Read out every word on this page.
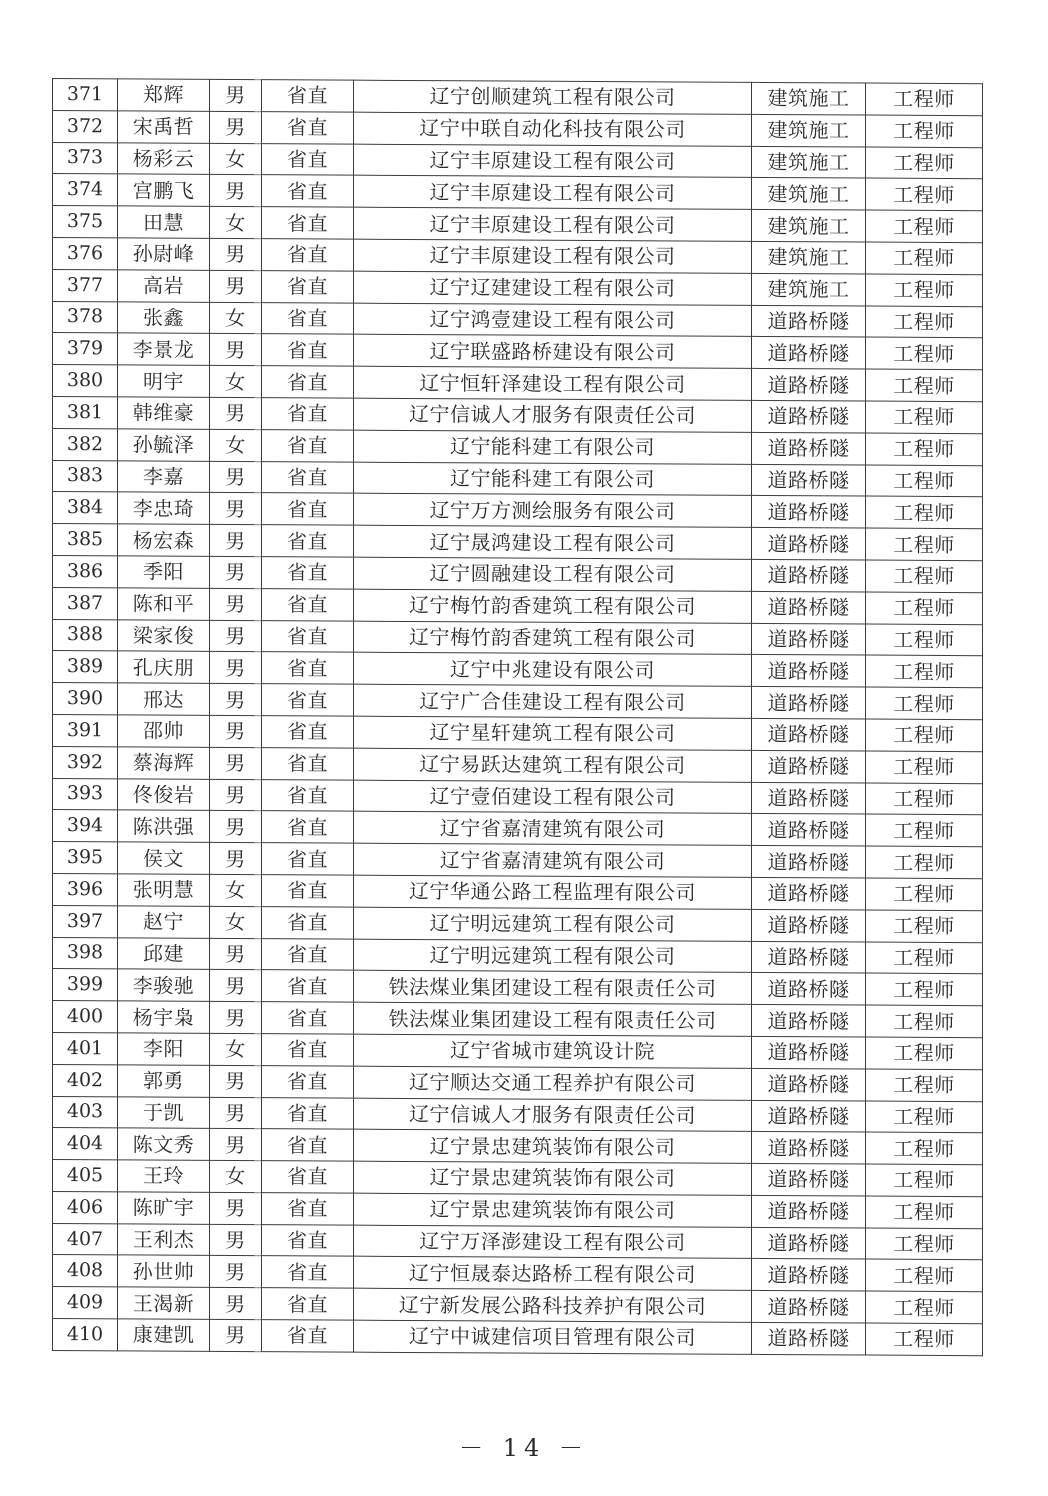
371	郑辉	男	省直	辽宁创顺建筑工程有限公司	建筑施工	工程师
372	宋禹哲	男	省直	辽宁中联自动化科技有限公司	建筑施工	工程师
373	杨彩云	女	省直	辽宁丰原建设工程有限公司	建筑施工	工程师
374	宫鹏飞	男	省直	辽宁丰原建设工程有限公司	建筑施工	工程师
375	田慧	女	省直	辽宁丰原建设工程有限公司	建筑施工	工程师
376	孙尉峰	男	省直	辽宁丰原建设工程有限公司	建筑施工	工程师
377	高岩	男	省直	辽宁辽建建设工程有限公司	建筑施工	工程师
378	张鑫	女	省直	辽宁鸿壹建设工程有限公司	道路桥隧	工程师
379	李景龙	男	省直	辽宁联盛路桥建设有限公司	道路桥隧	工程师
380	明宇	女	省直	辽宁恒轩泽建设工程有限公司	道路桥隧	工程师
381	韩维豪	男	省直	辽宁信诚人才服务有限责任公司	道路桥隧	工程师
382	孙毓泽	女	省直	辽宁能科建工有限公司	道路桥隧	工程师
383	李嘉	男	省直	辽宁能科建工有限公司	道路桥隧	工程师
384	李忠琦	男	省直	辽宁万方测绘服务有限公司	道路桥隧	工程师
385	杨宏森	男	省直	辽宁晟鸿建设工程有限公司	道路桥隧	工程师
386	季阳	男	省直	辽宁圆融建设工程有限公司	道路桥隧	工程师
387	陈和平	男	省直	辽宁梅竹韵香建筑工程有限公司	道路桥隧	工程师
388	梁家俊	男	省直	辽宁梅竹韵香建筑工程有限公司	道路桥隧	工程师
389	孔庆朋	男	省直	辽宁中兆建设有限公司	道路桥隧	工程师
390	邢达	男	省直	辽宁广合佳建设工程有限公司	道路桥隧	工程师
391	邵帅	男	省直	辽宁星轩建筑工程有限公司	道路桥隧	工程师
392	蔡海辉	男	省直	辽宁易跃达建筑工程有限公司	道路桥隧	工程师
393	佟俊岩	男	省直	辽宁壹佰建设工程有限公司	道路桥隧	工程师
394	陈洪强	男	省直	辽宁省嘉清建筑有限公司	道路桥隧	工程师
395	侯文	男	省直	辽宁省嘉清建筑有限公司	道路桥隧	工程师
396	张明慧	女	省直	辽宁华通公路工程监理有限公司	道路桥隧	工程师
397	赵宁	女	省直	辽宁明远建筑工程有限公司	道路桥隧	工程师
398	邱建	男	省直	辽宁明远建筑工程有限公司	道路桥隧	工程师
399	李骏驰	男	省直	铁法煤业集团建设工程有限责任公司	道路桥隧	工程师
400	杨宇枭	男	省直	铁法煤业集团建设工程有限责任公司	道路桥隧	工程师
401	李阳	女	省直	辽宁省城市建筑设计院	道路桥隧	工程师
402	郭勇	男	省直	辽宁顺达交通工程养护有限公司	道路桥隧	工程师
403	于凯	男	省直	辽宁信诚人才服务有限责任公司	道路桥隧	工程师
404	陈文秀	男	省直	辽宁景忠建筑装饰有限公司	道路桥隧	工程师
405	王玲	女	省直	辽宁景忠建筑装饰有限公司	道路桥隧	工程师
406	陈旷宇	男	省直	辽宁景忠建筑装饰有限公司	道路桥隧	工程师
407	王利杰	男	省直	辽宁万泽澎建设工程有限公司	道路桥隧	工程师
408	孙世帅	男	省直	辽宁恒晟泰达路桥工程有限公司	道路桥隧	工程师
409	王渴新	男	省直	辽宁新发展公路科技养护有限公司	道路桥隧	工程师
410	康建凯	男	省直	辽宁中诚建信项目管理有限公司	道路桥隧	工程师
－ 14 －
